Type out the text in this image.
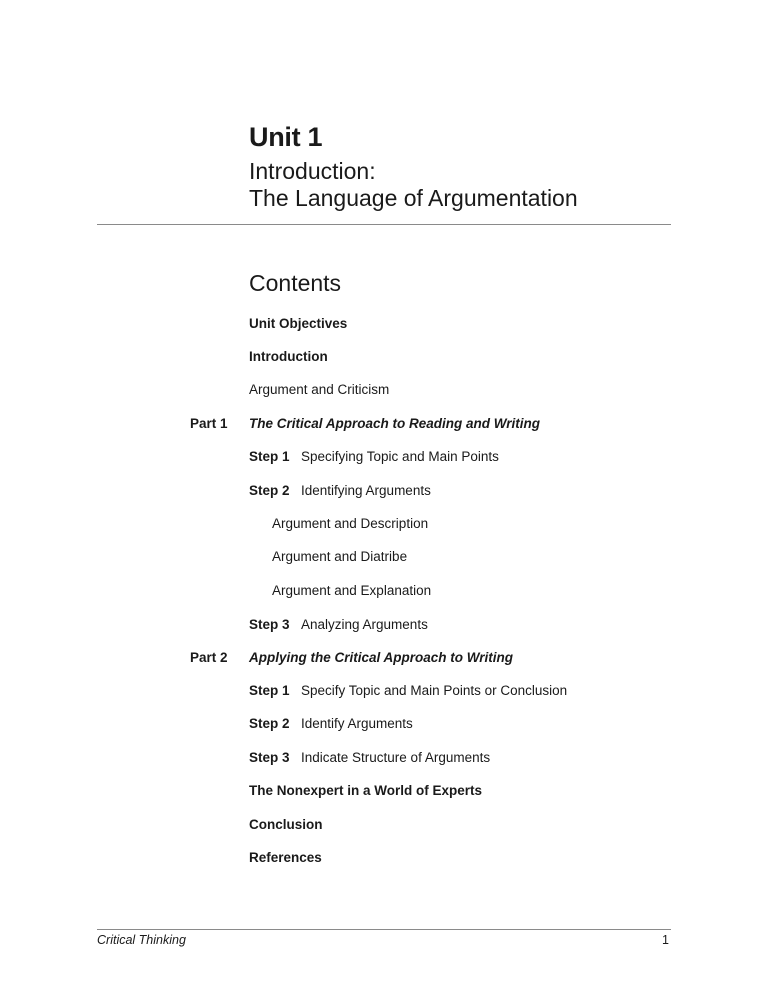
Unit 1
Introduction:
The Language of Argumentation
Contents
Unit Objectives
Introduction
Argument and Criticism
Part 1 The Critical Approach to Reading and Writing
Step 1 Specifying Topic and Main Points
Step 2 Identifying Arguments
Argument and Description
Argument and Diatribe
Argument and Explanation
Step 3 Analyzing Arguments
Part 2 Applying the Critical Approach to Writing
Step 1 Specify Topic and Main Points or Conclusion
Step 2 Identify Arguments
Step 3 Indicate Structure of Arguments
The Nonexpert in a World of Experts
Conclusion
References
Critical Thinking	1
